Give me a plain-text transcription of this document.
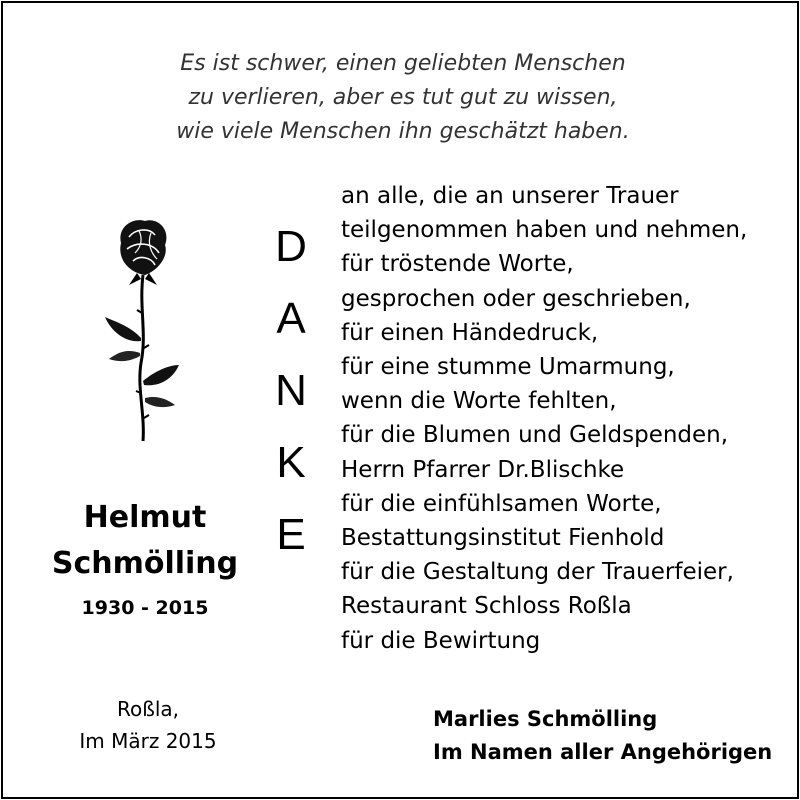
Es ist schwer, einen geliebten Menschen
zu verlieren, aber es tut gut zu wissen,
wie viele Menschen ihn geschätzt haben.
Helmut
Schmölling
1930 - 2015
D
A
N
K
E
an alle, die an unserer Trauer
teilgenommen haben und nehmen,
für tröstende Worte,
gesprochen oder geschrieben,
für einen Händedruck,
für eine stumme Umarmung,
wenn die Worte fehlten,
für die Blumen und Geldspenden,
Herrn Pfarrer Dr.Blischke
für die einfühlsamen Worte,
Bestattungsinstitut Fienhold
für die Gestaltung der Trauerfeier,
Restaurant Schloss Roßla
für die Bewirtung
Roßla,
Im März 2015
Marlies Schmölling
Im Namen aller Angehörigen
